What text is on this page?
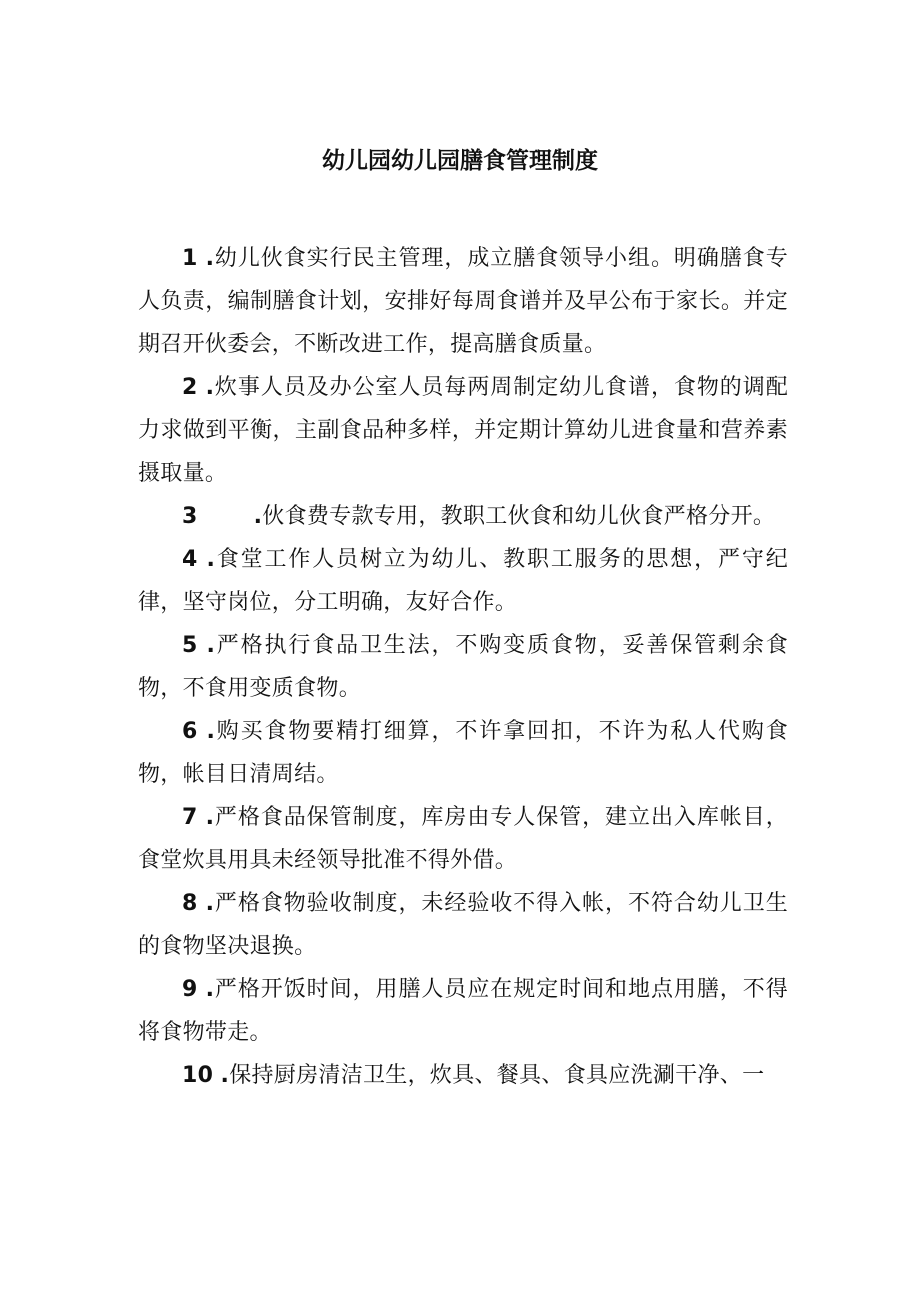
幼儿园幼儿园膳食管理制度

1 .幼儿伙食实行民主管理，成立膳食领导小组。明确膳食专人负责，编制膳食计划，安排好每周食谱并及早公布于家长。并定期召开伙委会，不断改进工作，提高膳食质量。

2 .炊事人员及办公室人员每两周制定幼儿食谱，食物的调配力求做到平衡，主副食品种多样，并定期计算幼儿进食量和营养素摄取量。

3	.伙食费专款专用，教职工伙食和幼儿伙食严格分开。

4 .食堂工作人员树立为幼儿、教职工服务的思想，严守纪律，坚守岗位，分工明确，友好合作。

5 .严格执行食品卫生法，不购变质食物，妥善保管剩余食物，不食用变质食物。

6 .购买食物要精打细算，不许拿回扣，不许为私人代购食物，帐目日清周结。

7 .严格食品保管制度，库房由专人保管，建立出入库帐目，食堂炊具用具未经领导批准不得外借。

8 .严格食物验收制度，未经验收不得入帐，不符合幼儿卫生的食物坚决退换。

9 .严格开饭时间，用膳人员应在规定时间和地点用膳，不得将食物带走。

10 .保持厨房清洁卫生，炊具、餐具、食具应洗涮干净、一
